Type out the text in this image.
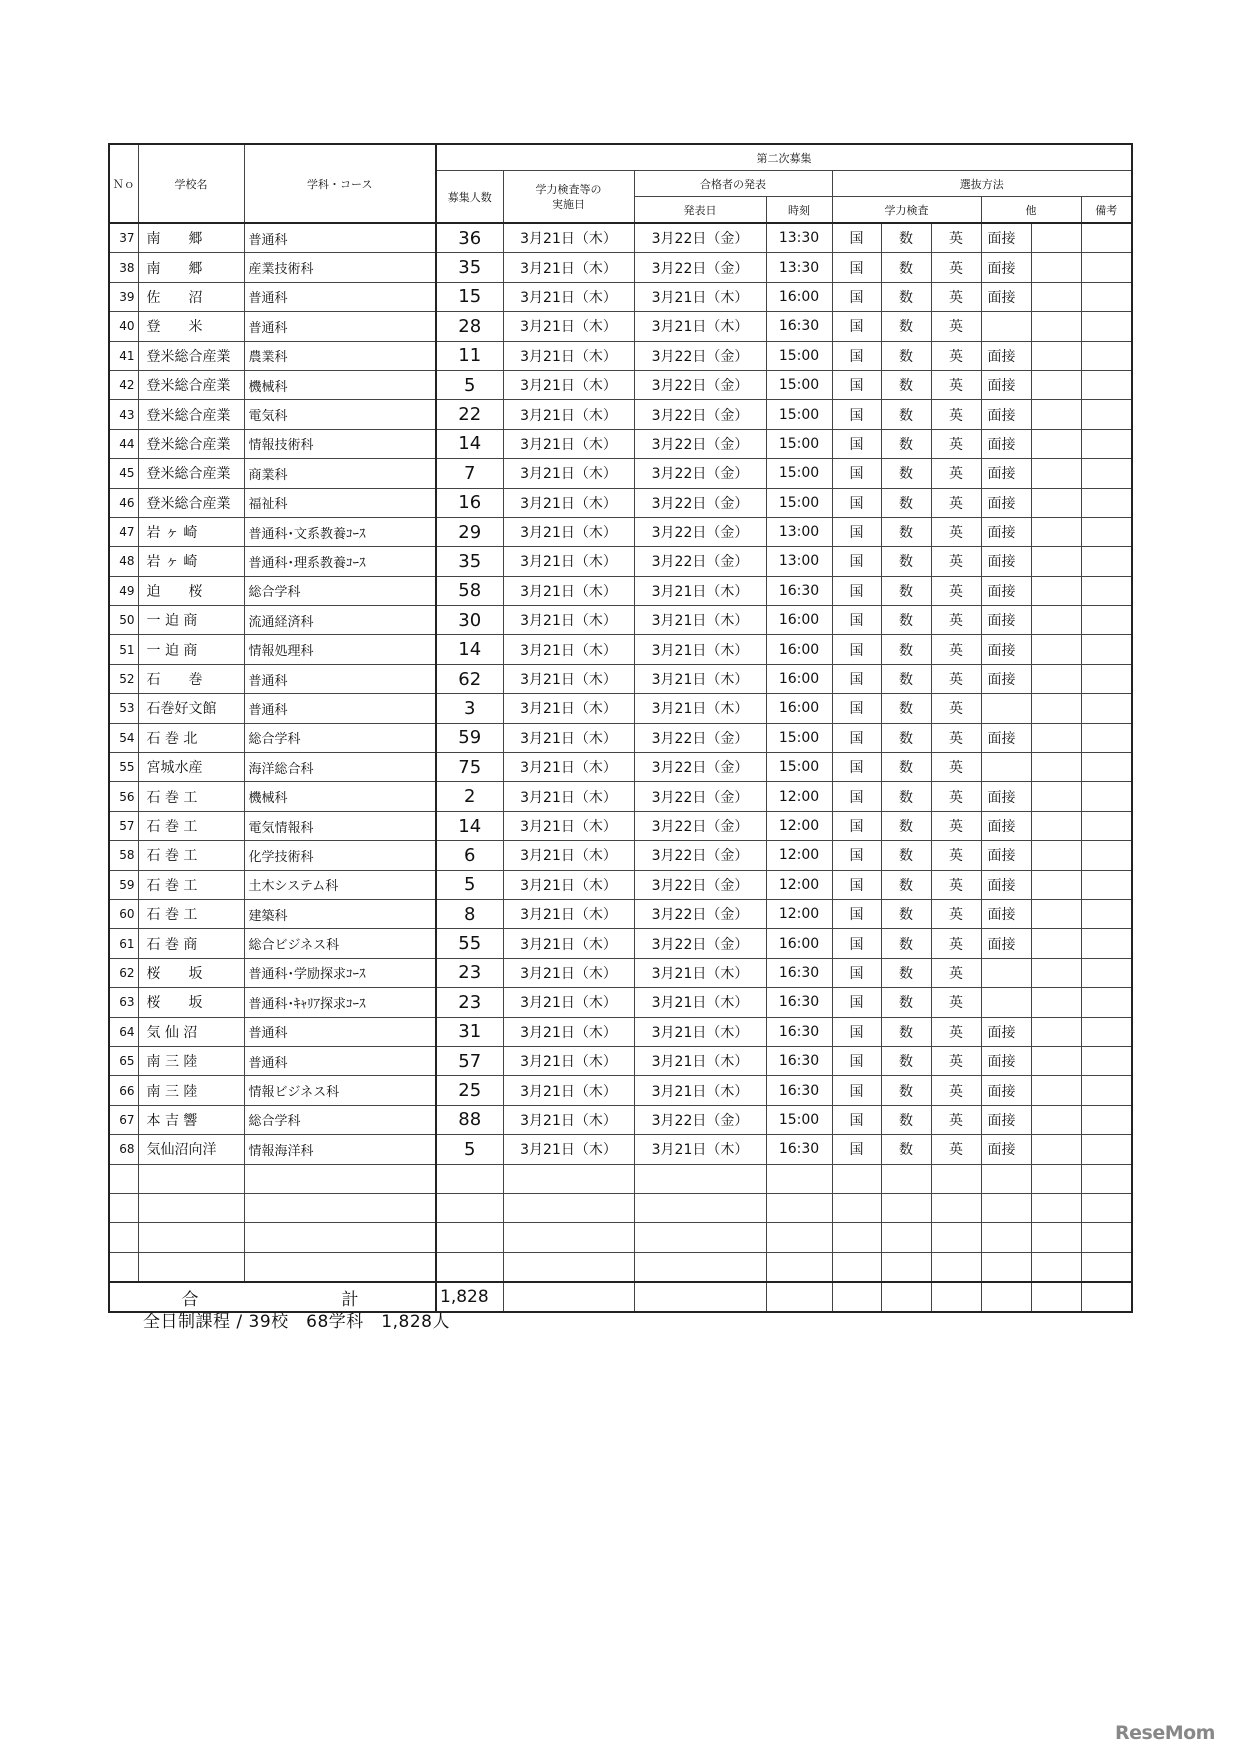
Ｎｏ	学校名	学科・コース	第二次募集									
			募集人数	学力検査等の実施日	合格者の発表		選抜方法					
					発表日	時刻	学力検査			他		備考
37	南　　郷	普通科	36	3月21日（木）	3月22日（金）	13:30	国	数	英	面接		
38	南　　郷	産業技術科	35	3月21日（木）	3月22日（金）	13:30	国	数	英	面接		
39	佐　　沼	普通科	15	3月21日（木）	3月21日（木）	16:00	国	数	英	面接		
40	登　　米	普通科	28	3月21日（木）	3月21日（木）	16:30	国	数	英			
41	登米総合産業	農業科	11	3月21日（木）	3月22日（金）	15:00	国	数	英	面接		
42	登米総合産業	機械科	5	3月21日（木）	3月22日（金）	15:00	国	数	英	面接		
43	登米総合産業	電気科	22	3月21日（木）	3月22日（金）	15:00	国	数	英	面接		
44	登米総合産業	情報技術科	14	3月21日（木）	3月22日（金）	15:00	国	数	英	面接		
45	登米総合産業	商業科	7	3月21日（木）	3月22日（金）	15:00	国	数	英	面接		
46	登米総合産業	福祉科	16	3月21日（木）	3月22日（金）	15:00	国	数	英	面接		
47	岩 ヶ 崎	普通科･文系教養ｺｰｽ	29	3月21日（木）	3月22日（金）	13:00	国	数	英	面接		
48	岩 ヶ 崎	普通科･理系教養ｺｰｽ	35	3月21日（木）	3月22日（金）	13:00	国	数	英	面接		
49	迫　　桜	総合学科	58	3月21日（木）	3月21日（木）	16:30	国	数	英	面接		
50	一 迫 商	流通経済科	30	3月21日（木）	3月21日（木）	16:00	国	数	英	面接		
51	一 迫 商	情報処理科	14	3月21日（木）	3月21日（木）	16:00	国	数	英	面接		
52	石　　巻	普通科	62	3月21日（木）	3月21日（木）	16:00	国	数	英	面接		
53	石巻好文館	普通科	3	3月21日（木）	3月21日（木）	16:00	国	数	英			
54	石 巻 北	総合学科	59	3月21日（木）	3月22日（金）	15:00	国	数	英	面接		
55	宮城水産	海洋総合科	75	3月21日（木）	3月22日（金）	15:00	国	数	英			
56	石 巻 工	機械科	2	3月21日（木）	3月22日（金）	12:00	国	数	英	面接		
57	石 巻 工	電気情報科	14	3月21日（木）	3月22日（金）	12:00	国	数	英	面接		
58	石 巻 工	化学技術科	6	3月21日（木）	3月22日（金）	12:00	国	数	英	面接		
59	石 巻 工	土木システム科	5	3月21日（木）	3月22日（金）	12:00	国	数	英	面接		
60	石 巻 工	建築科	8	3月21日（木）	3月22日（金）	12:00	国	数	英	面接		
61	石 巻 商	総合ビジネス科	55	3月21日（木）	3月22日（金）	16:00	国	数	英	面接		
62	桜　　坂	普通科･学励探求ｺｰｽ	23	3月21日（木）	3月21日（木）	16:30	国	数	英			
63	桜　　坂	普通科･ｷｬﾘｱ探求ｺｰｽ	23	3月21日（木）	3月21日（木）	16:30	国	数	英			
64	気 仙 沼	普通科	31	3月21日（木）	3月21日（木）	16:30	国	数	英	面接		
65	南 三 陸	普通科	57	3月21日（木）	3月21日（木）	16:30	国	数	英	面接		
66	南 三 陸	情報ビジネス科	25	3月21日（木）	3月21日（木）	16:30	国	数	英	面接		
67	本 吉 響	総合学科	88	3月21日（木）	3月22日（金）	15:00	国	数	英	面接		
68	気仙沼向洋	情報海洋科	5	3月21日（木）	3月21日（木）	16:30	国	数	英	面接		

合 計			1,828									
全日制課程 / 39校　68学科　1,828人
ReseMom
